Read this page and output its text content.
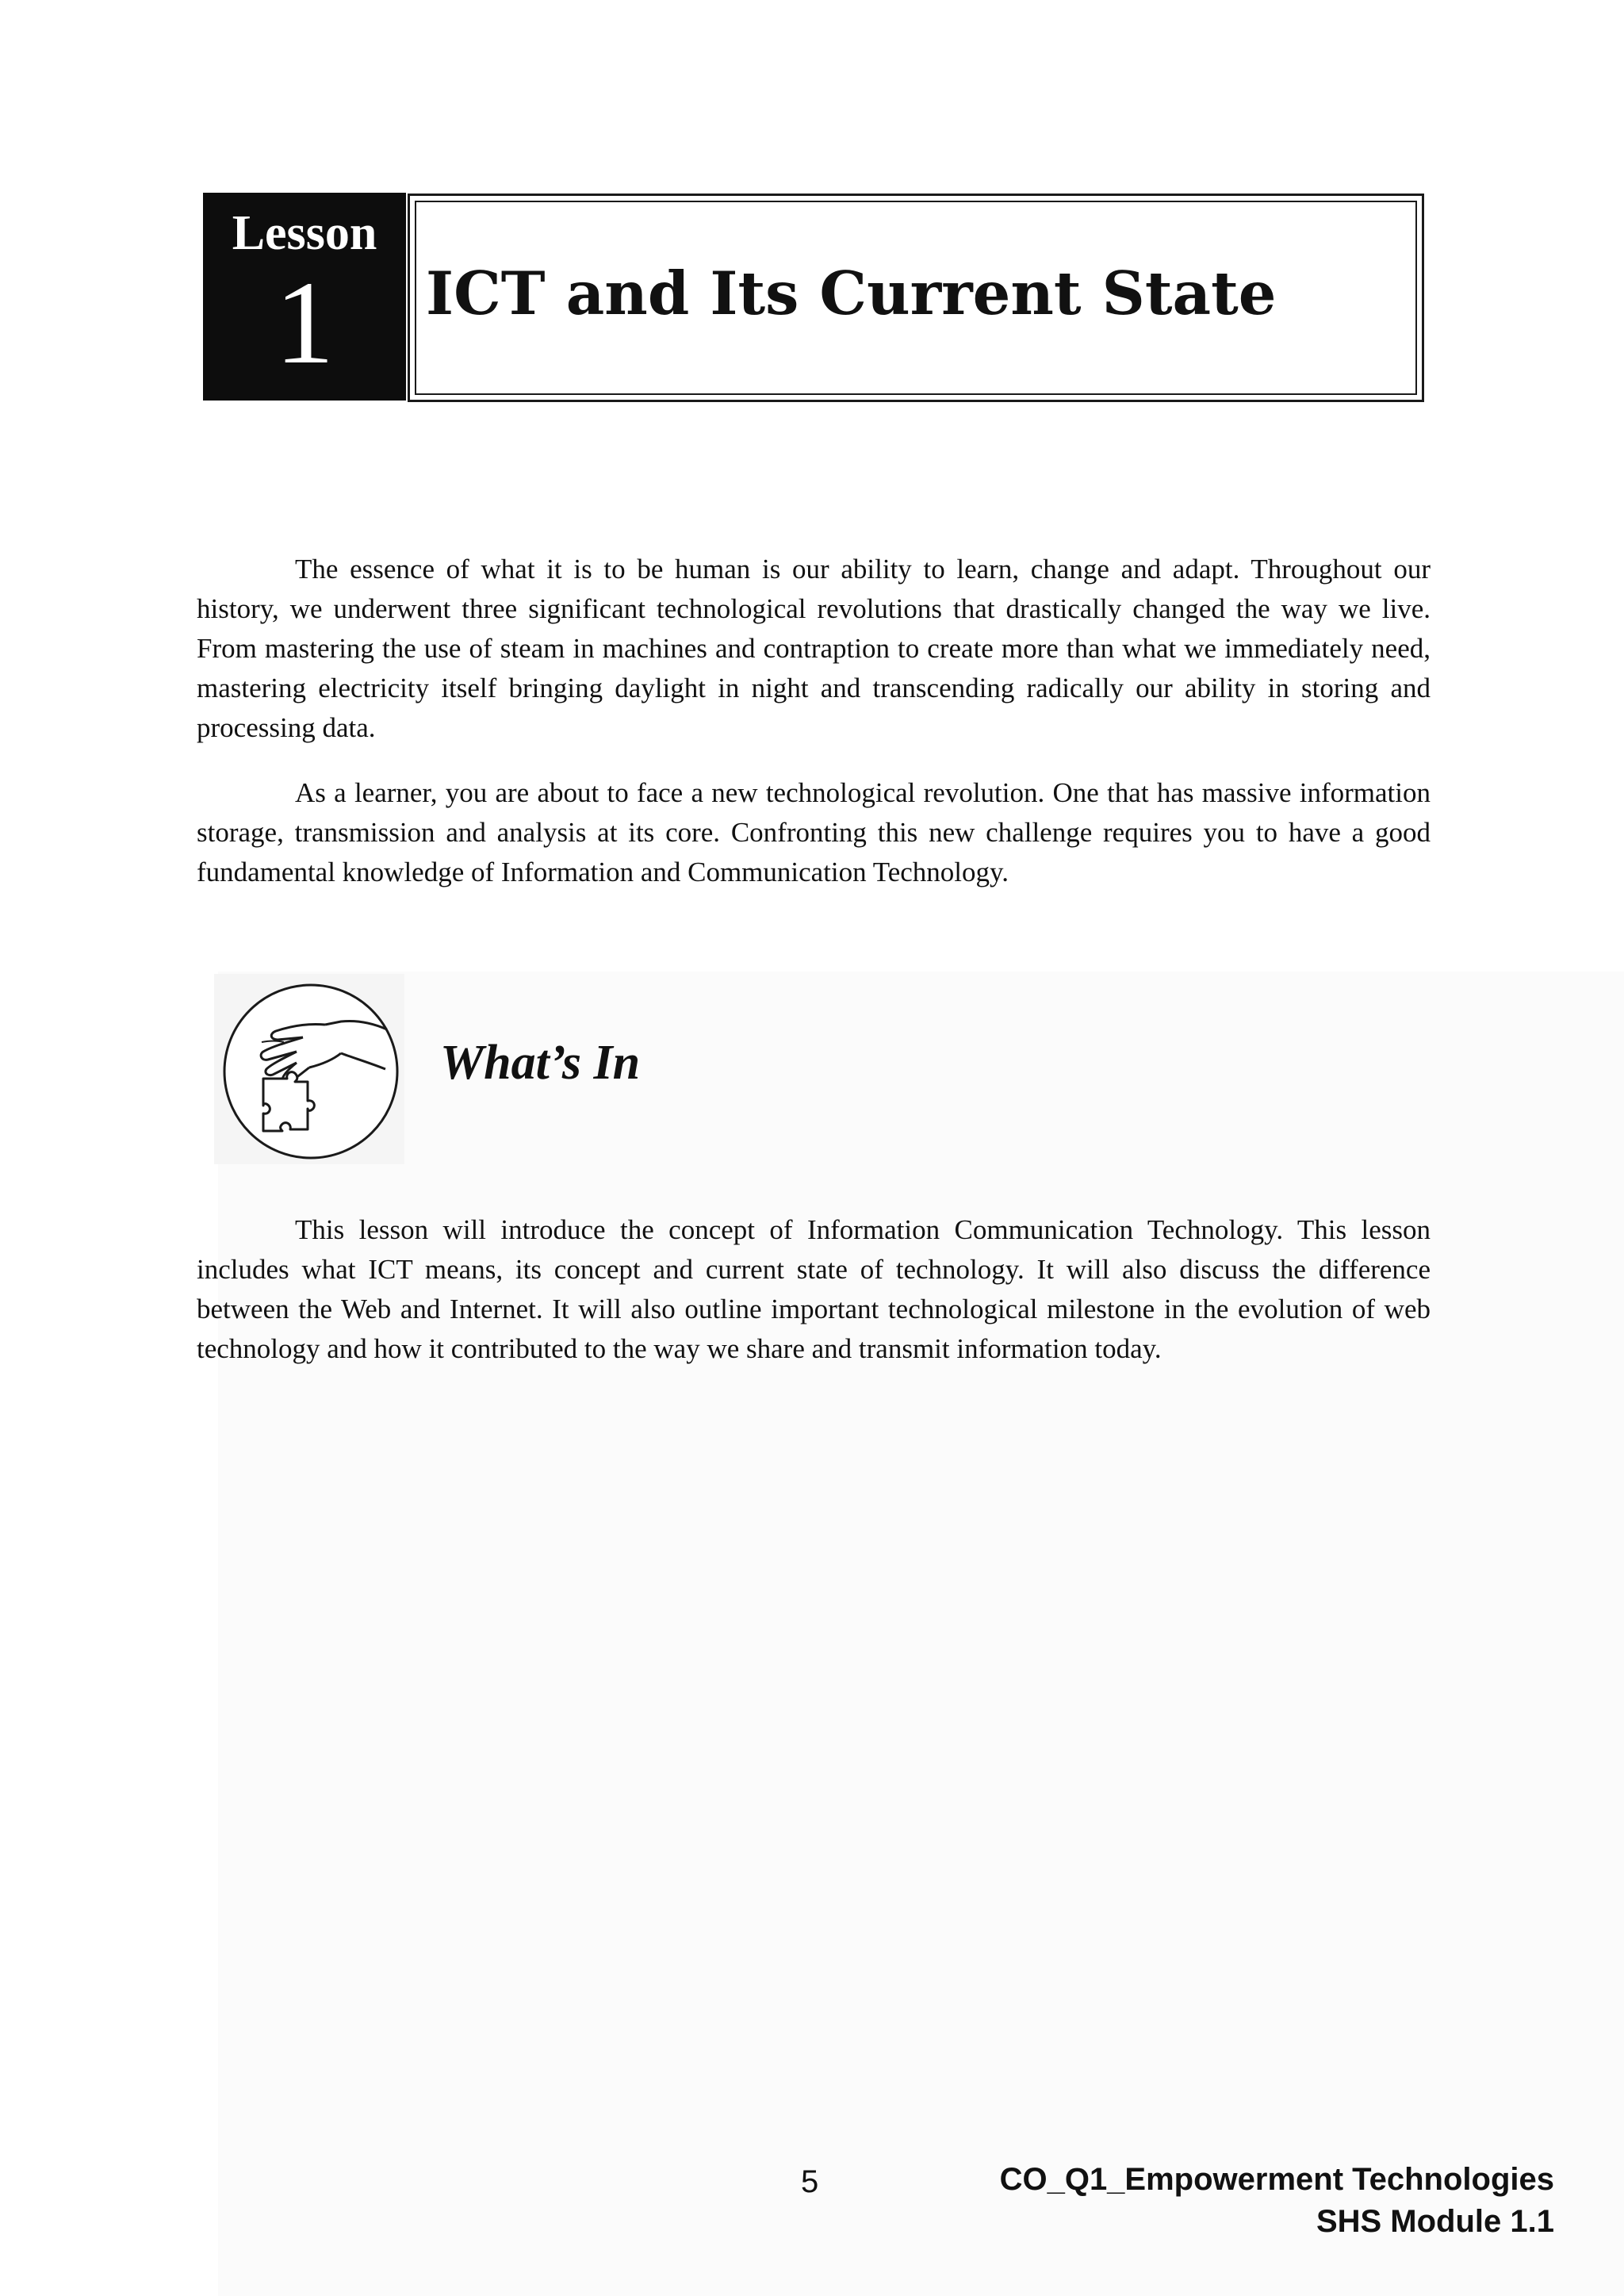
Lesson
1	ICT and Its Current State

The essence of what it is to be human is our ability to learn, change and adapt. Throughout our history, we underwent three significant technological revolutions that drastically changed the way we live. From mastering the use of steam in machines and contraption to create more than what we immediately need, mastering electricity itself bringing daylight in night and transcending radically our ability in storing and processing data.

As a learner, you are about to face a new technological revolution. One that has massive information storage, transmission and analysis at its core. Confronting this new challenge requires you to have a good fundamental knowledge of Information and Communication Technology.

What’s In

This lesson will introduce the concept of Information Communication Technology. This lesson includes what ICT means, its concept and current state of technology. It will also discuss the difference between the Web and Internet. It will also outline important technological milestone in the evolution of web technology and how it contributed to the way we share and transmit information today.

5	CO_Q1_Empowerment Technologies
SHS Module 1.1
